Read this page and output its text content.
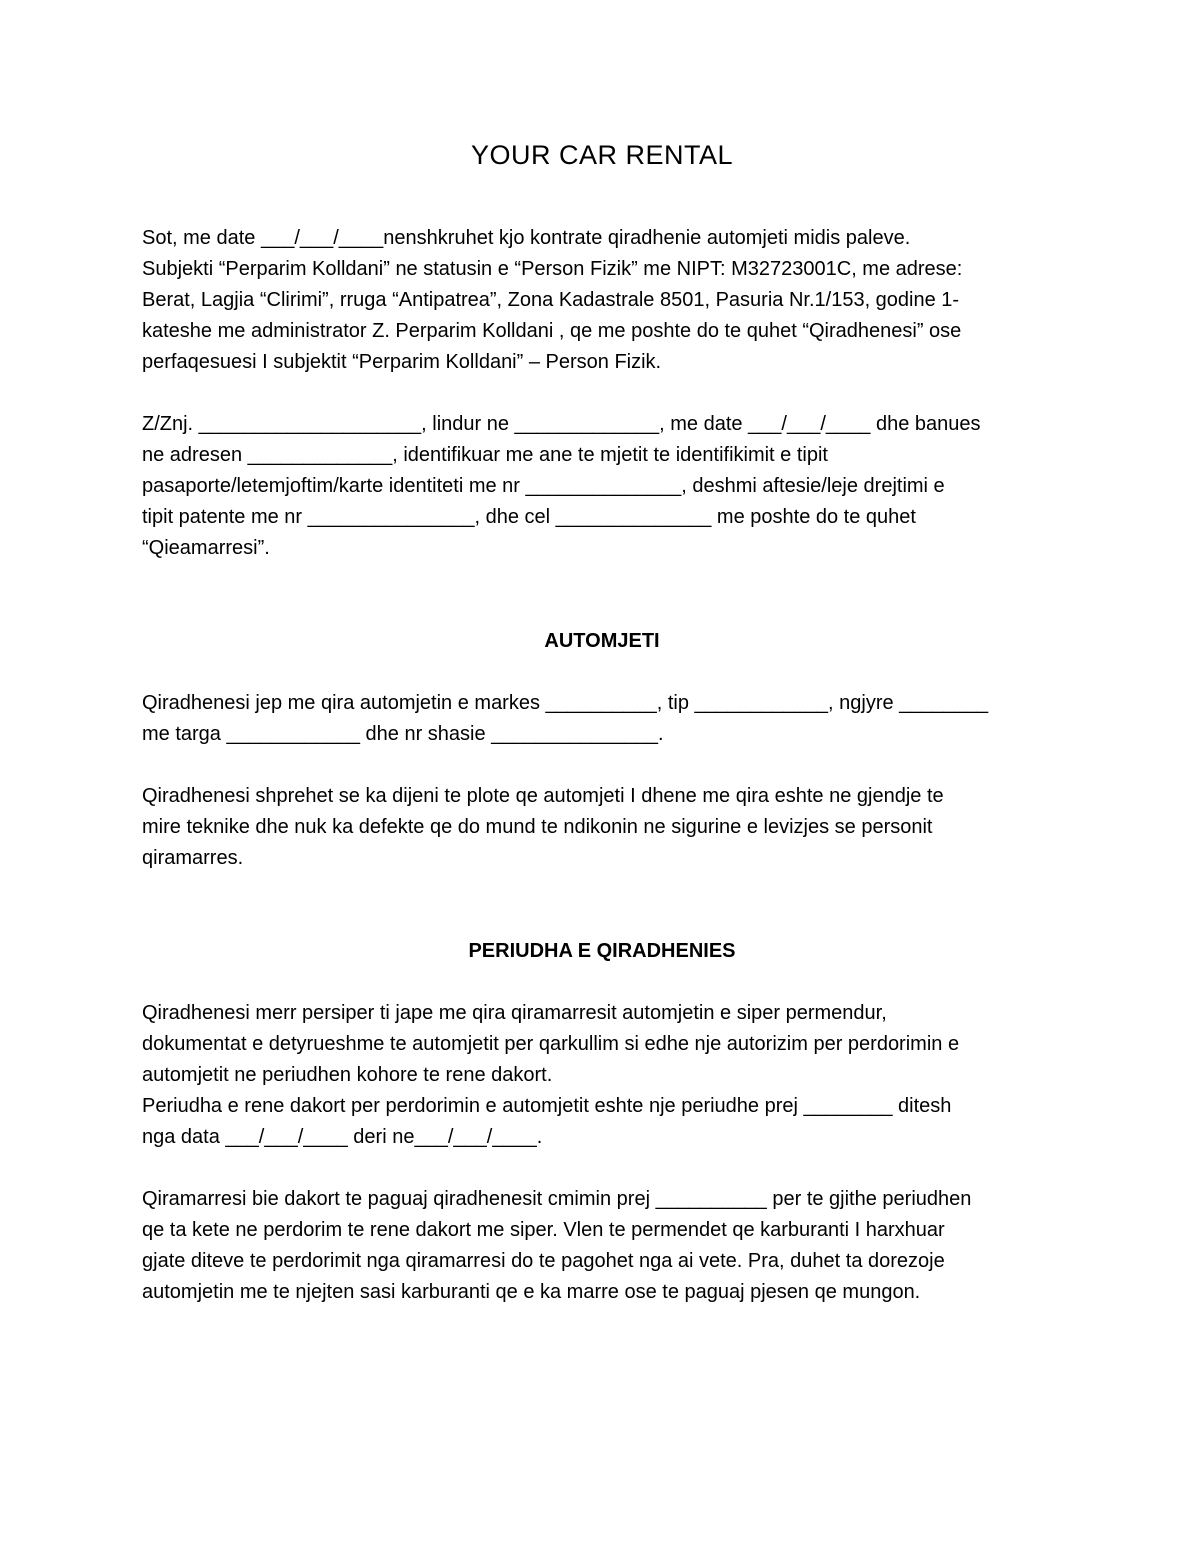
YOUR CAR RENTAL

Sot, me date ___/___/____nenshkruhet kjo kontrate qiradhenie automjeti midis paleve.
Subjekti “Perparim Kolldani” ne statusin e “Person Fizik” me NIPT: M32723001C, me adrese:
Berat, Lagjia “Clirimi”, rruga “Antipatrea”, Zona Kadastrale 8501, Pasuria Nr.1/153, godine 1-
kateshe me administrator Z. Perparim Kolldani , qe me poshte do te quhet “Qiradhenesi” ose
perfaqesuesi I subjektit “Perparim Kolldani” – Person Fizik.

Z/Znj. ____________________, lindur ne _____________, me date ___/___/____ dhe banues
ne adresen _____________, identifikuar me ane te mjetit te identifikimit e tipit
pasaporte/letemjoftim/karte identiteti me nr ______________, deshmi aftesie/leje drejtimi e
tipit patente me nr _______________, dhe cel ______________ me poshte do te quhet
“Qieamarresi”.

AUTOMJETI

Qiradhenesi jep me qira automjetin e markes __________, tip ____________, ngjyre ________
me targa ____________ dhe nr shasie _______________.

Qiradhenesi shprehet se ka dijeni te plote qe automjeti I dhene me qira eshte ne gjendje te
mire teknike dhe nuk ka defekte qe do mund te ndikonin ne sigurine e levizjes se personit
qiramarres.

PERIUDHA E QIRADHENIES

Qiradhenesi merr persiper ti jape me qira qiramarresit automjetin e siper permendur,
dokumentat e detyrueshme te automjetit per qarkullim si edhe nje autorizim per perdorimin e
automjetit ne periudhen kohore te rene dakort.
Periudha e rene dakort per perdorimin e automjetit eshte nje periudhe prej ________ ditesh
nga data ___/___/____ deri ne___/___/____.

Qiramarresi bie dakort te paguaj qiradhenesit cmimin prej __________ per te gjithe periudhen
qe ta kete ne perdorim te rene dakort me siper. Vlen te permendet qe karburanti I harxhuar
gjate diteve te perdorimit nga qiramarresi do te pagohet nga ai vete. Pra, duhet ta dorezoje
automjetin me te njejten sasi karburanti qe e ka marre ose te paguaj pjesen qe mungon.
